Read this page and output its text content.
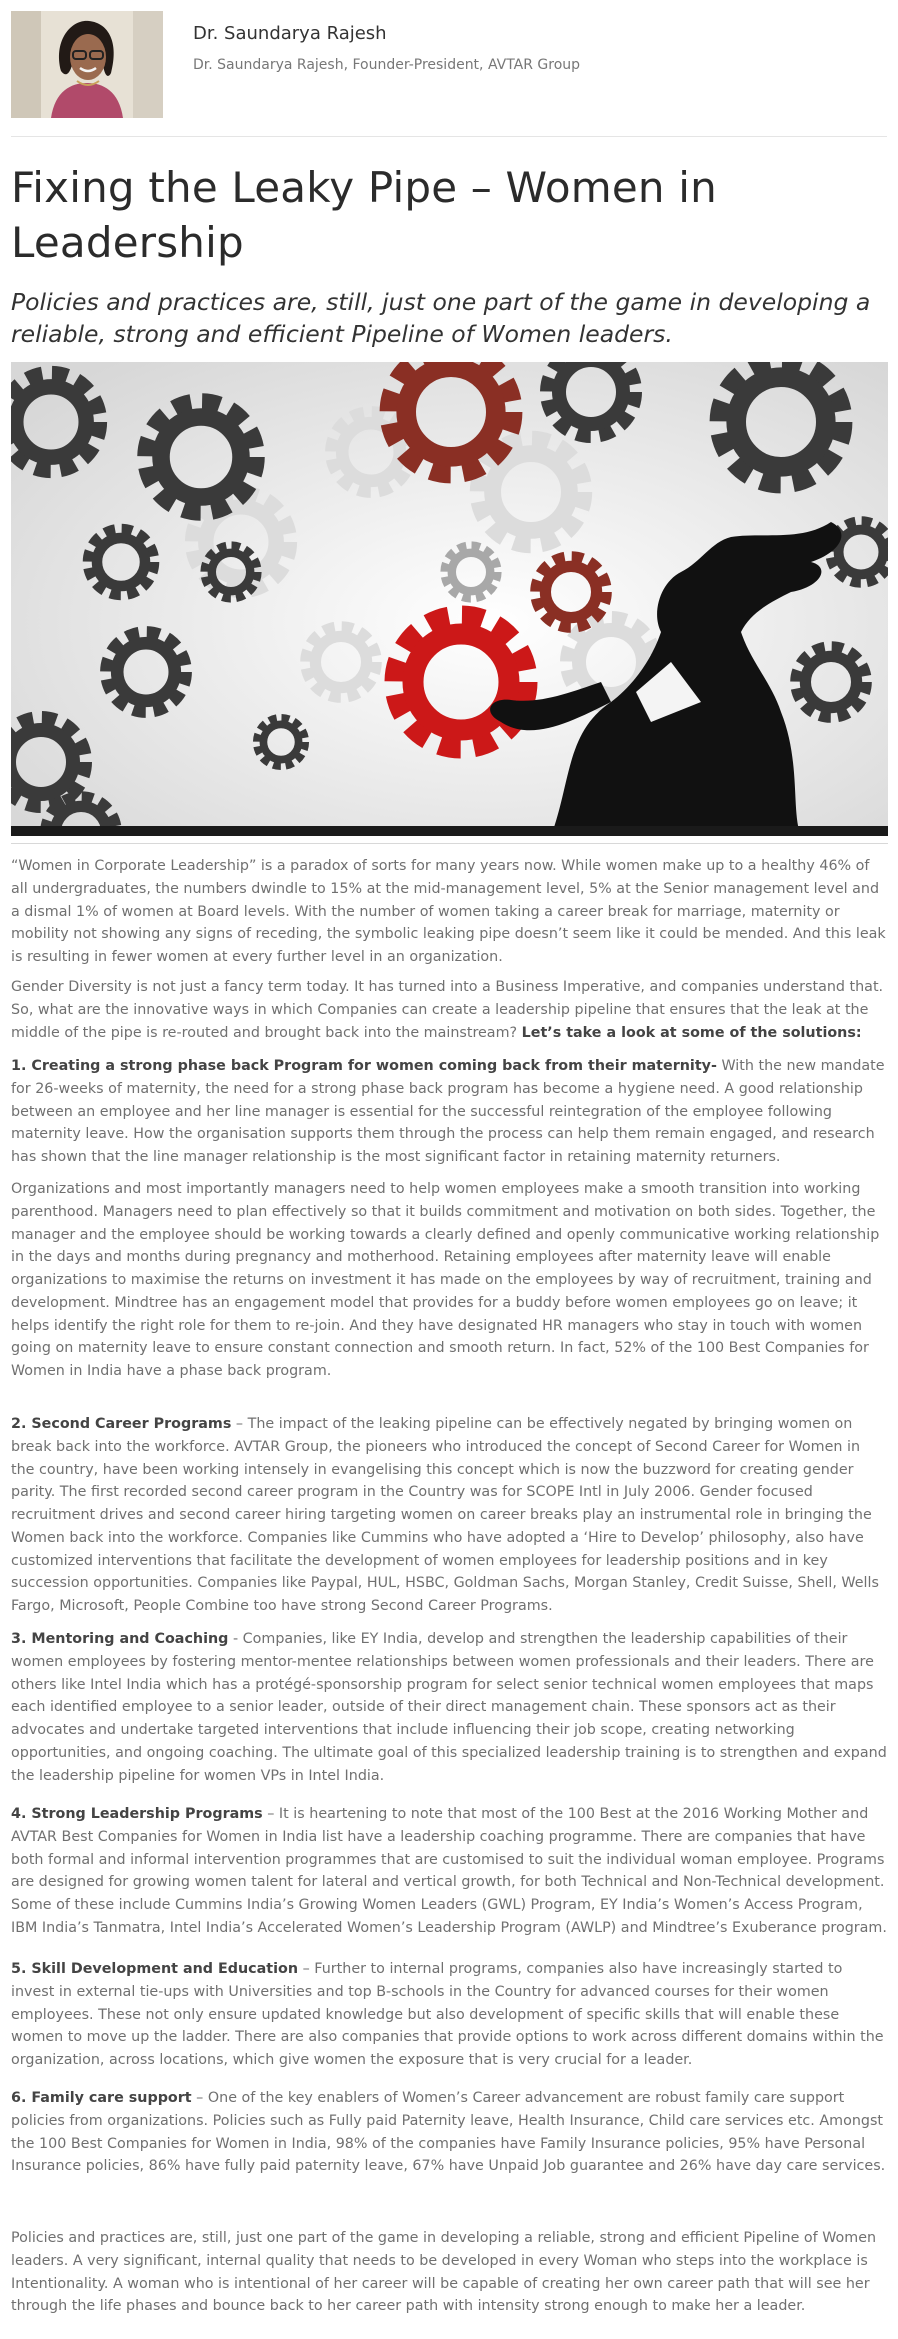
Dr. Saundarya Rajesh
Dr. Saundarya Rajesh, Founder-President, AVTAR Group
Fixing the Leaky Pipe – Women in Leadership

Policies and practices are, still, just one part of the game in developing a reliable, strong and efficient Pipeline of Women leaders.

“Women in Corporate Leadership” is a paradox of sorts for many years now. While women make up to a healthy 46% of all undergraduates, the numbers dwindle to 15% at the mid-management level, 5% at the Senior management level and a dismal 1% of women at Board levels. With the number of women taking a career break for marriage, maternity or mobility not showing any signs of receding, the symbolic leaking pipe doesn’t seem like it could be mended. And this leak is resulting in fewer women at every further level in an organization.

Gender Diversity is not just a fancy term today. It has turned into a Business Imperative, and companies understand that. So, what are the innovative ways in which Companies can create a leadership pipeline that ensures that the leak at the middle of the pipe is re-routed and brought back into the mainstream? Let’s take a look at some of the solutions:

1. Creating a strong phase back Program for women coming back from their maternity- With the new mandate for 26-weeks of maternity, the need for a strong phase back program has become a hygiene need. A good relationship between an employee and her line manager is essential for the successful reintegration of the employee following maternity leave. How the organisation supports them through the process can help them remain engaged, and research has shown that the line manager relationship is the most significant factor in retaining maternity returners.

Organizations and most importantly managers need to help women employees make a smooth transition into working parenthood. Managers need to plan effectively so that it builds commitment and motivation on both sides. Together, the manager and the employee should be working towards a clearly defined and openly communicative working relationship in the days and months during pregnancy and motherhood. Retaining employees after maternity leave will enable organizations to maximise the returns on investment it has made on the employees by way of recruitment, training and development. Mindtree has an engagement model that provides for a buddy before women employees go on leave; it helps identify the right role for them to re-join. And they have designated HR managers who stay in touch with women going on maternity leave to ensure constant connection and smooth return. In fact, 52% of the 100 Best Companies for Women in India have a phase back program.

2. Second Career Programs – The impact of the leaking pipeline can be effectively negated by bringing women on break back into the workforce. AVTAR Group, the pioneers who introduced the concept of Second Career for Women in the country, have been working intensely in evangelising this concept which is now the buzzword for creating gender parity. The first recorded second career program in the Country was for SCOPE Intl in July 2006. Gender focused recruitment drives and second career hiring targeting women on career breaks play an instrumental role in bringing the Women back into the workforce. Companies like Cummins who have adopted a ‘Hire to Develop’ philosophy, also have customized interventions that facilitate the development of women employees for leadership positions and in key succession opportunities. Companies like Paypal, HUL, HSBC, Goldman Sachs, Morgan Stanley, Credit Suisse, Shell, Wells Fargo, Microsoft, People Combine too have strong Second Career Programs.

3. Mentoring and Coaching - Companies, like EY India, develop and strengthen the leadership capabilities of their women employees by fostering mentor-mentee relationships between women professionals and their leaders. There are others like Intel India which has a protégé-sponsorship program for select senior technical women employees that maps each identified employee to a senior leader, outside of their direct management chain. These sponsors act as their advocates and undertake targeted interventions that include influencing their job scope, creating networking opportunities, and ongoing coaching. The ultimate goal of this specialized leadership training is to strengthen and expand the leadership pipeline for women VPs in Intel India.

4. Strong Leadership Programs – It is heartening to note that most of the 100 Best at the 2016 Working Mother and AVTAR Best Companies for Women in India list have a leadership coaching programme. There are companies that have both formal and informal intervention programmes that are customised to suit the individual woman employee. Programs are designed for growing women talent for lateral and vertical growth, for both Technical and Non-Technical development. Some of these include Cummins India’s Growing Women Leaders (GWL) Program, EY India’s Women’s Access Program, IBM India’s Tanmatra, Intel India’s Accelerated Women’s Leadership Program (AWLP) and Mindtree’s Exuberance program.

5. Skill Development and Education – Further to internal programs, companies also have increasingly started to invest in external tie-ups with Universities and top B-schools in the Country for advanced courses for their women employees. These not only ensure updated knowledge but also development of specific skills that will enable these women to move up the ladder. There are also companies that provide options to work across different domains within the organization, across locations, which give women the exposure that is very crucial for a leader.

6. Family care support – One of the key enablers of Women’s Career advancement are robust family care support policies from organizations. Policies such as Fully paid Paternity leave, Health Insurance, Child care services etc. Amongst the 100 Best Companies for Women in India, 98% of the companies have Family Insurance policies, 95% have Personal Insurance policies, 86% have fully paid paternity leave, 67% have Unpaid Job guarantee and 26% have day care services.

Policies and practices are, still, just one part of the game in developing a reliable, strong and efficient Pipeline of Women leaders. A very significant, internal quality that needs to be developed in every Woman who steps into the workplace is Intentionality. A woman who is intentional of her career will be capable of creating her own career path that will see her through the life phases and bounce back to her career path with intensity strong enough to make her a leader.
